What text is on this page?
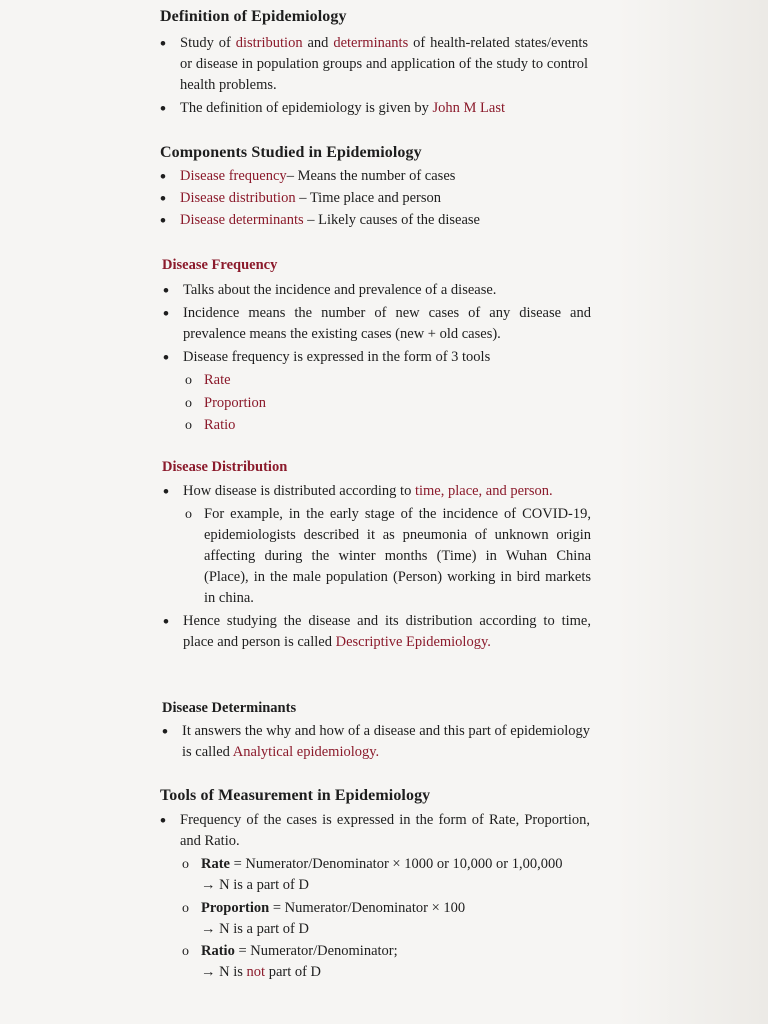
Definition of Epidemiology
• Study of distribution and determinants of health-related states/events or disease in population groups and application of the study to control health problems.
• The definition of epidemiology is given by John M Last
Components Studied in Epidemiology
• Disease frequency– Means the number of cases
• Disease distribution – Time place and person
• Disease determinants – Likely causes of the disease
Disease Frequency
• Talks about the incidence and prevalence of a disease.
• Incidence means the number of new cases of any disease and prevalence means the existing cases (new + old cases).
• Disease frequency is expressed in the form of 3 tools
o Rate
o Proportion
o Ratio
Disease Distribution
• How disease is distributed according to time, place, and person.
o For example, in the early stage of the incidence of COVID-19, epidemiologists described it as pneumonia of unknown origin affecting during the winter months (Time) in Wuhan China (Place), in the male population (Person) working in bird markets in china.
• Hence studying the disease and its distribution according to time, place and person is called Descriptive Epidemiology.
Disease Determinants
• It answers the why and how of a disease and this part of epidemiology is called Analytical epidemiology.
Tools of Measurement in Epidemiology
• Frequency of the cases is expressed in the form of Rate, Proportion, and Ratio.
o Rate = Numerator/Denominator × 1000 or 10,000 or 1,00,000
→ N is a part of D
o Proportion = Numerator/Denominator × 100
→ N is a part of D
o Ratio = Numerator/Denominator;
→ N is not part of D
